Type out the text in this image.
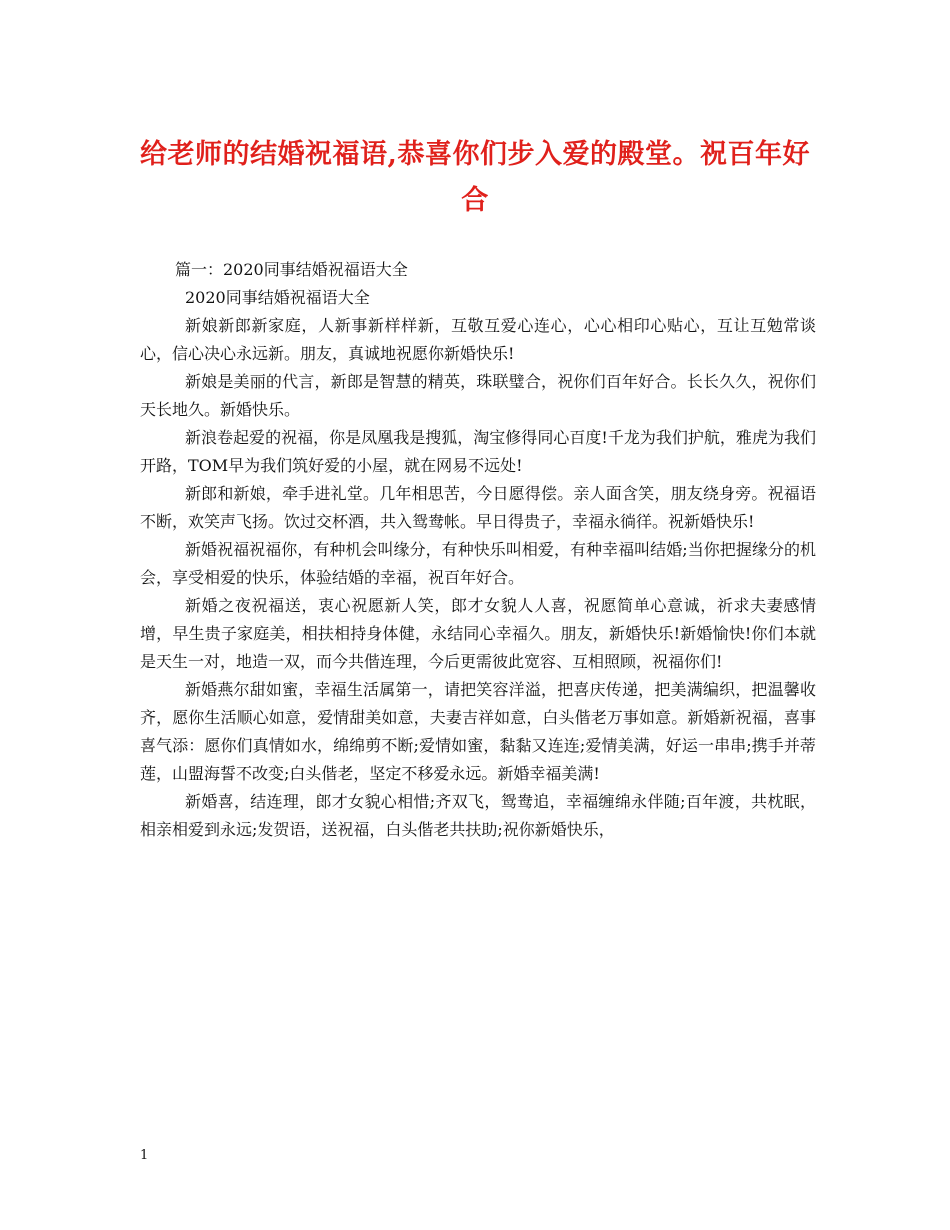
给老师的结婚祝福语,恭喜你们步入爱的殿堂。祝百年好合

篇一：2020同事结婚祝福语大全

2020同事结婚祝福语大全

新娘新郎新家庭，人新事新样样新，互敬互爱心连心，心心相印心贴心，互让互勉常谈心，信心决心永远新。朋友，真诚地祝愿你新婚快乐!

新娘是美丽的代言，新郎是智慧的精英，珠联璧合，祝你们百年好合。长长久久，祝你们天长地久。新婚快乐。

新浪卷起爱的祝福，你是凤凰我是搜狐，淘宝修得同心百度!千龙为我们护航，雅虎为我们开路，TOM早为我们筑好爱的小屋，就在网易不远处!

新郎和新娘，牵手进礼堂。几年相思苦，今日愿得偿。亲人面含笑，朋友绕身旁。祝福语不断，欢笑声飞扬。饮过交杯酒，共入鸳鸯帐。早日得贵子，幸福永徜徉。祝新婚快乐!

新婚祝福祝福你，有种机会叫缘分，有种快乐叫相爱，有种幸福叫结婚;当你把握缘分的机会，享受相爱的快乐，体验结婚的幸福，祝百年好合。

新婚之夜祝福送，衷心祝愿新人笑，郎才女貌人人喜，祝愿简单心意诚，祈求夫妻感情增，早生贵子家庭美，相扶相持身体健，永结同心幸福久。朋友，新婚快乐!新婚愉快!你们本就是天生一对，地造一双，而今共偕连理，今后更需彼此宽容、互相照顾，祝福你们!

新婚燕尔甜如蜜，幸福生活属第一，请把笑容洋溢，把喜庆传递，把美满编织，把温馨收齐，愿你生活顺心如意，爱情甜美如意，夫妻吉祥如意，白头偕老万事如意。新婚新祝福，喜事喜气添：愿你们真情如水，绵绵剪不断;爱情如蜜，黏黏又连连;爱情美满，好运一串串;携手并蒂莲，山盟海誓不改变;白头偕老，坚定不移爱永远。新婚幸福美满!

新婚喜，结连理，郎才女貌心相惜;齐双飞，鸳鸯追，幸福缠绵永伴随;百年渡，共枕眠，相亲相爱到永远;发贺语，送祝福，白头偕老共扶助;祝你新婚快乐，

1
